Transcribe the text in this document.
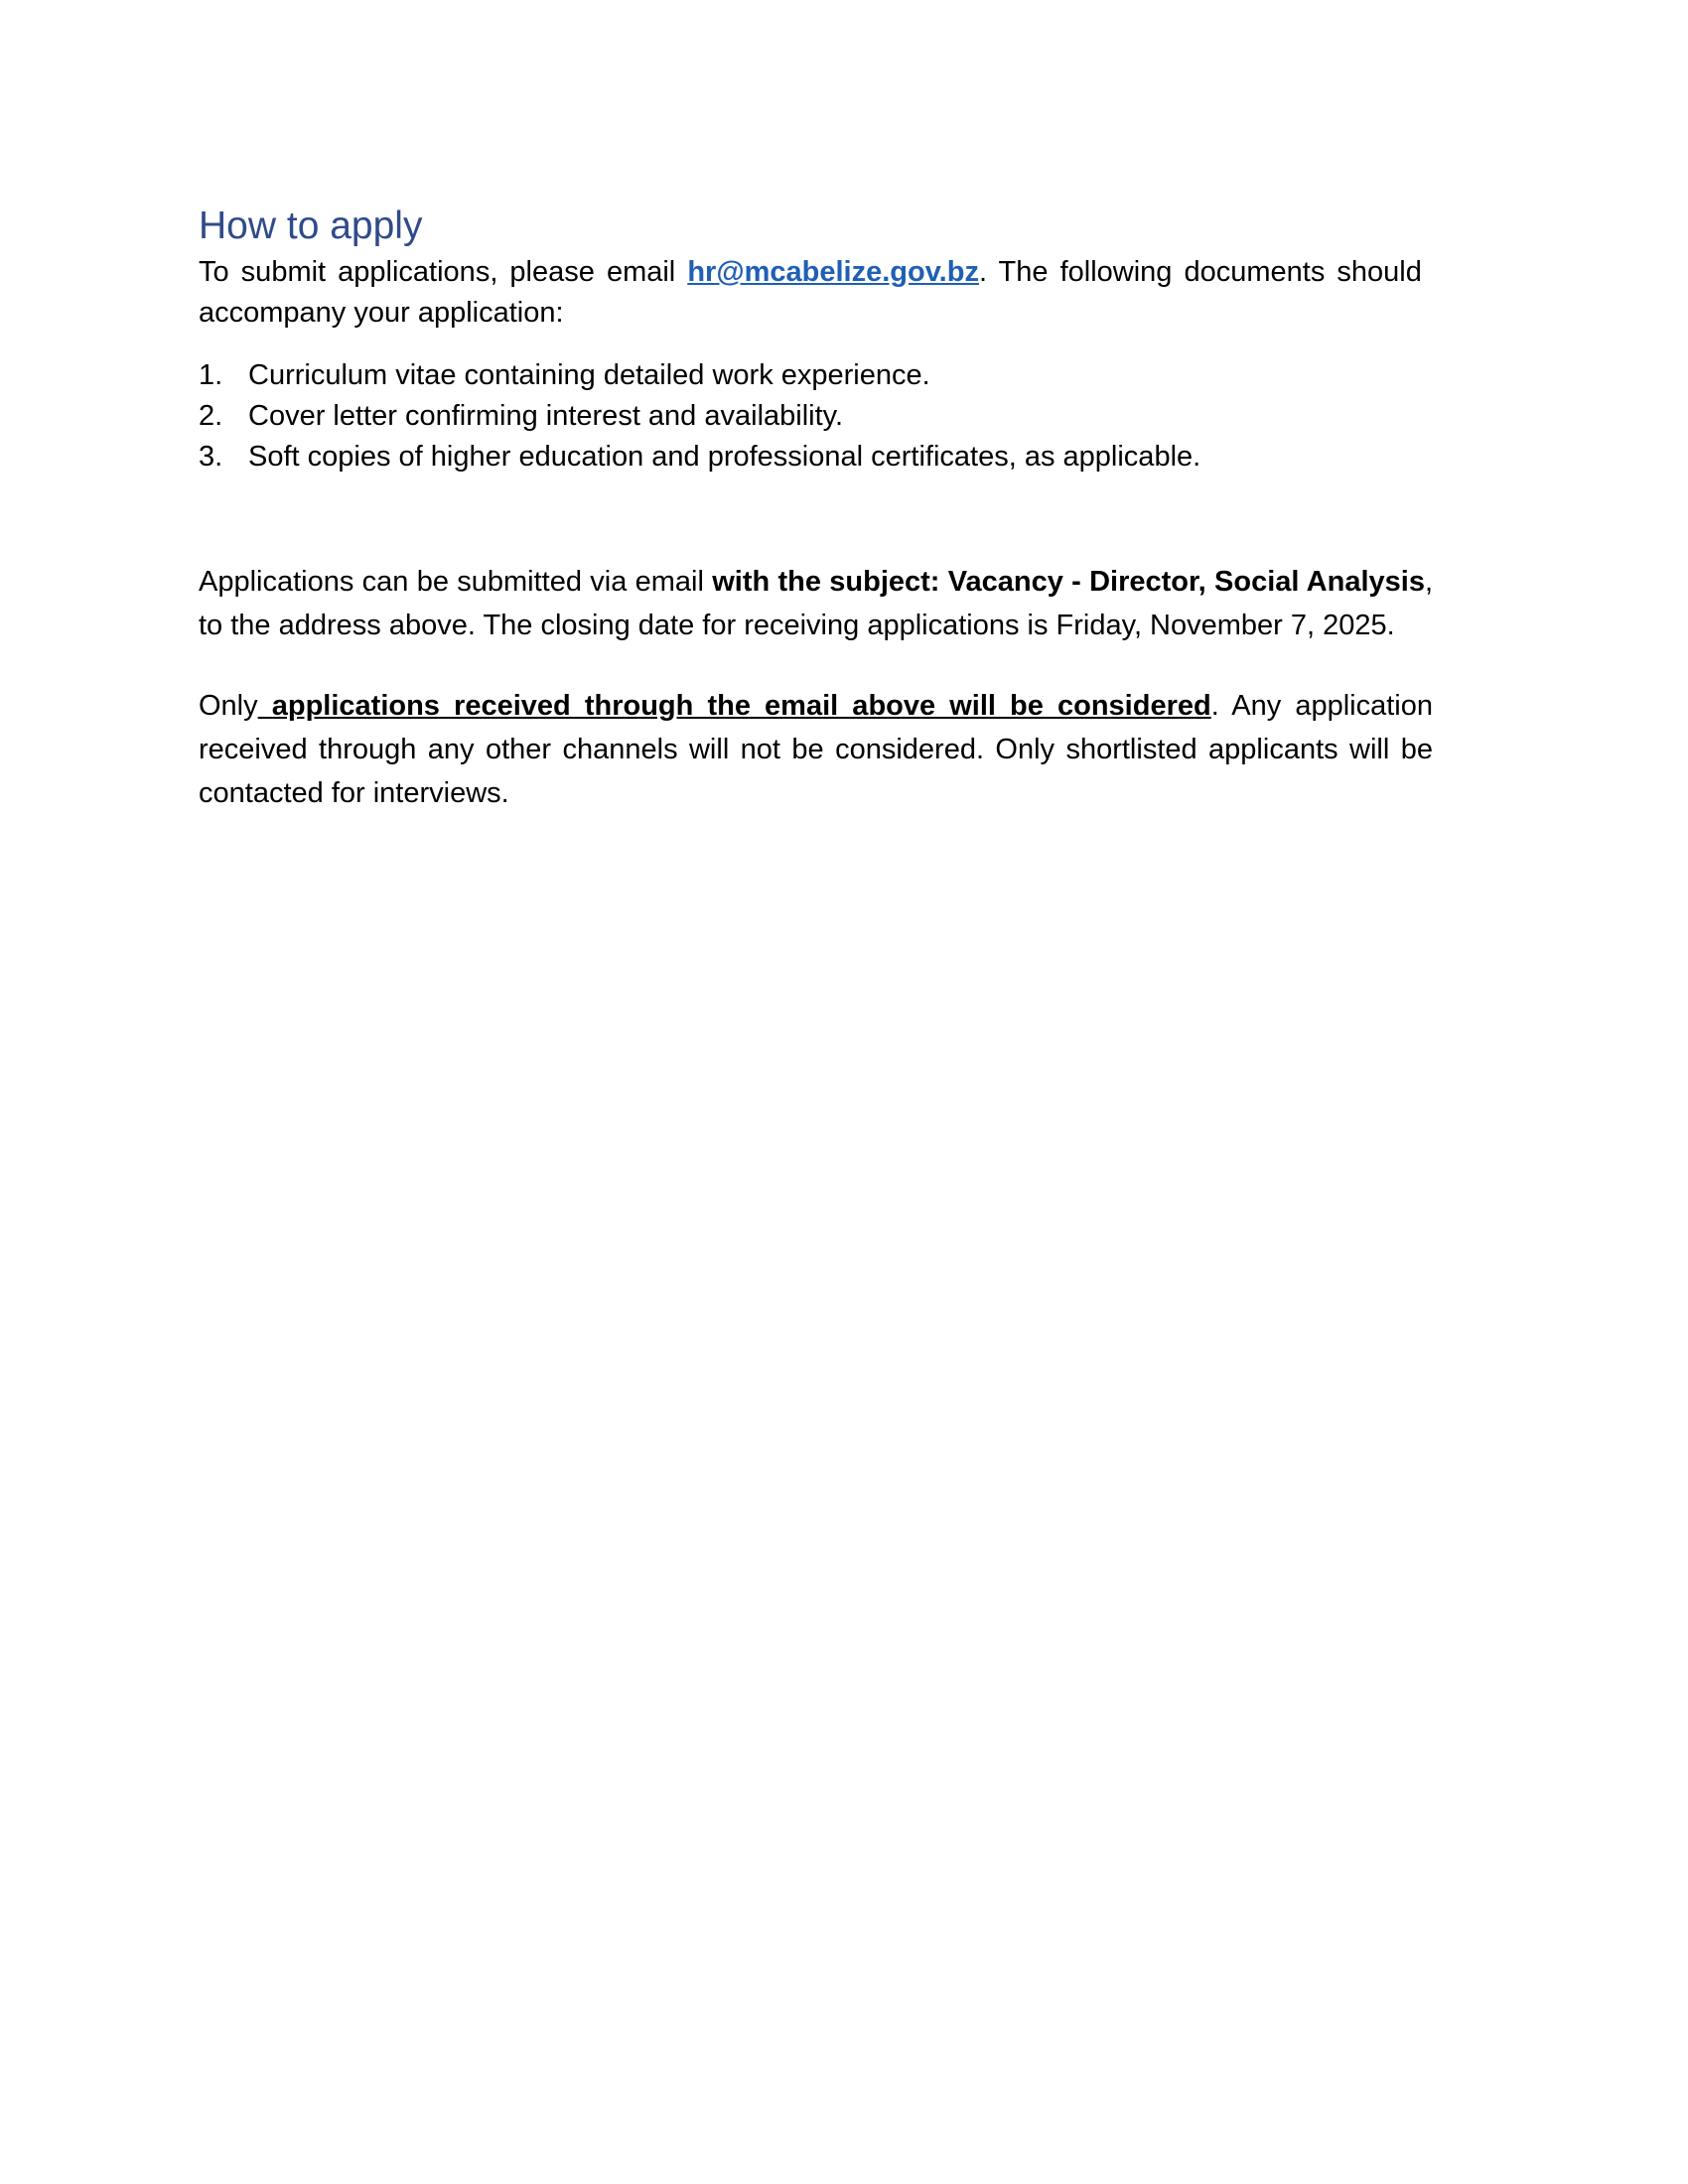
How to apply

To submit applications, please email hr@mcabelize.gov.bz. The following documents should
accompany your application:

1. Curriculum vitae containing detailed work experience.
2. Cover letter confirming interest and availability.
3. Soft copies of higher education and professional certificates, as applicable.

Applications can be submitted via email with the subject: Vacancy - Director, Social Analysis, to the address above. The closing date for receiving applications is Friday, November 7, 2025.

Only applications received through the email above will be considered. Any application received through any other channels will not be considered. Only shortlisted applicants will be contacted for interviews.
